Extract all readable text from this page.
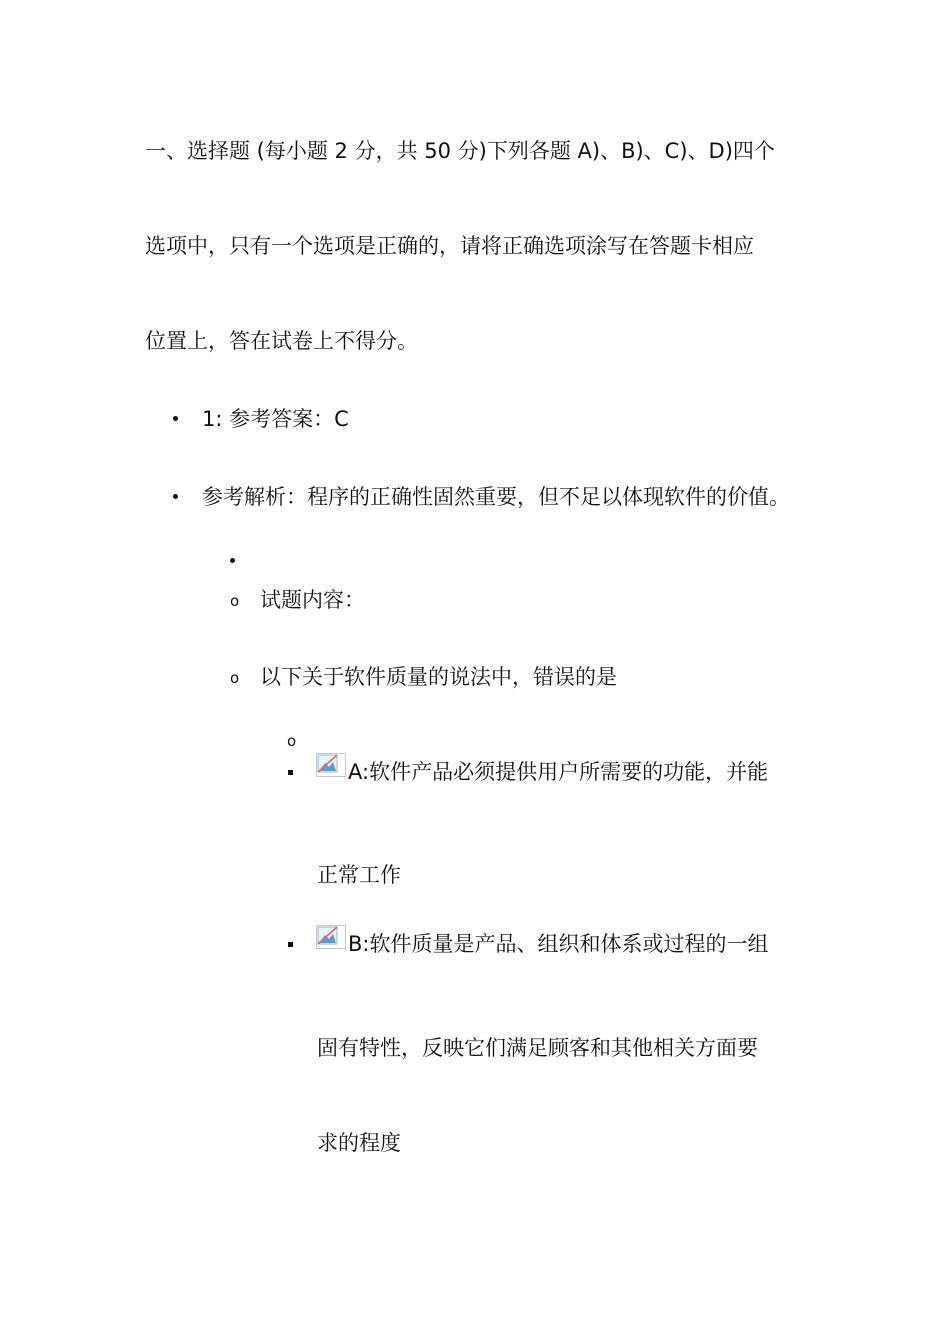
一、选择题 (每小题 2 分，共 50 分)下列各题 A)、B)、C)、D)四个
选项中，只有一个选项是正确的，请将正确选项涂写在答题卡相应
位置上，答在试卷上不得分。
1: 参考答案：C
参考解析：程序的正确性固然重要，但不足以体现软件的价值。
o 试题内容：
o 以下关于软件质量的说法中，错误的是
o
A:软件产品必须提供用户所需要的功能，并能
正常工作
B:软件质量是产品、组织和体系或过程的一组
固有特性，反映它们满足顾客和其他相关方面要
求的程度
